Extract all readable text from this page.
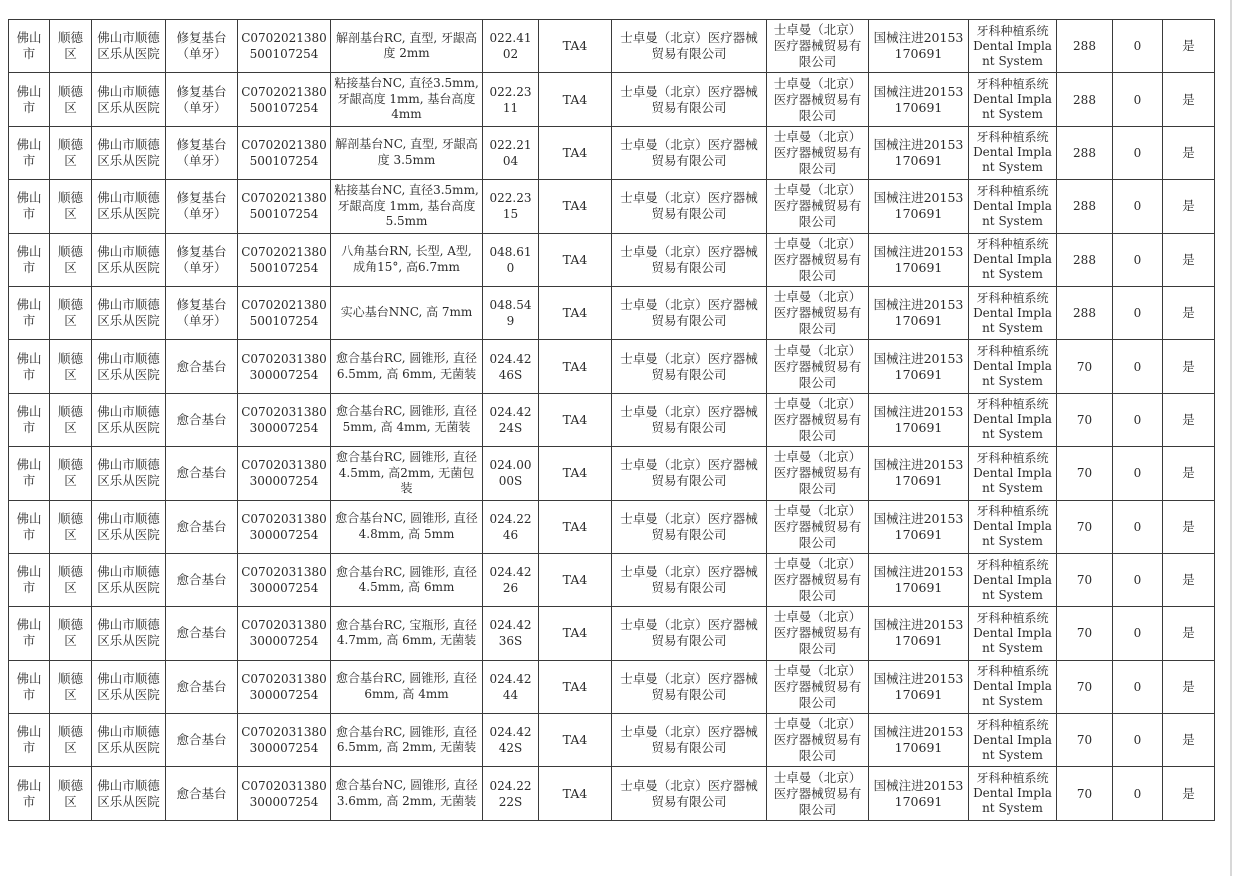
佛山市	顺德区	佛山市顺德区乐从医院	修复基台（单牙）	C0702021380500107254	解剖基台RC, 直型, 牙龈高度 2mm	022.4102	TA4	士卓曼（北京）医疗器械贸易有限公司	士卓曼（北京）医疗器械贸易有限公司	国械注进20153170691	牙科种植系统Dental Implant System	288	0	是
佛山市	顺德区	佛山市顺德区乐从医院	修复基台（单牙）	C0702021380500107254	粘接基台NC, 直径3.5mm, 牙龈高度 1mm, 基台高度 4mm	022.2311	TA4	士卓曼（北京）医疗器械贸易有限公司	士卓曼（北京）医疗器械贸易有限公司	国械注进20153170691	牙科种植系统Dental Implant System	288	0	是
佛山市	顺德区	佛山市顺德区乐从医院	修复基台（单牙）	C0702021380500107254	解剖基台NC, 直型, 牙龈高度 3.5mm	022.2104	TA4	士卓曼（北京）医疗器械贸易有限公司	士卓曼（北京）医疗器械贸易有限公司	国械注进20153170691	牙科种植系统Dental Implant System	288	0	是
佛山市	顺德区	佛山市顺德区乐从医院	修复基台（单牙）	C0702021380500107254	粘接基台NC, 直径3.5mm, 牙龈高度 1mm, 基台高度 5.5mm	022.2315	TA4	士卓曼（北京）医疗器械贸易有限公司	士卓曼（北京）医疗器械贸易有限公司	国械注进20153170691	牙科种植系统Dental Implant System	288	0	是
佛山市	顺德区	佛山市顺德区乐从医院	修复基台（单牙）	C0702021380500107254	八角基台RN, 长型, A型, 成角15°, 高6.7mm	048.610	TA4	士卓曼（北京）医疗器械贸易有限公司	士卓曼（北京）医疗器械贸易有限公司	国械注进20153170691	牙科种植系统Dental Implant System	288	0	是
佛山市	顺德区	佛山市顺德区乐从医院	修复基台（单牙）	C0702021380500107254	实心基台NNC, 高 7mm	048.549	TA4	士卓曼（北京）医疗器械贸易有限公司	士卓曼（北京）医疗器械贸易有限公司	国械注进20153170691	牙科种植系统Dental Implant System	288	0	是
佛山市	顺德区	佛山市顺德区乐从医院	愈合基台	C0702031380300007254	愈合基台RC, 圆锥形, 直径 6.5mm, 高 6mm, 无菌装	024.4246S	TA4	士卓曼（北京）医疗器械贸易有限公司	士卓曼（北京）医疗器械贸易有限公司	国械注进20153170691	牙科种植系统Dental Implant System	70	0	是
佛山市	顺德区	佛山市顺德区乐从医院	愈合基台	C0702031380300007254	愈合基台RC, 圆锥形, 直径 5mm, 高 4mm, 无菌装	024.4224S	TA4	士卓曼（北京）医疗器械贸易有限公司	士卓曼（北京）医疗器械贸易有限公司	国械注进20153170691	牙科种植系统Dental Implant System	70	0	是
佛山市	顺德区	佛山市顺德区乐从医院	愈合基台	C0702031380300007254	愈合基台RC, 圆锥形, 直径4.5mm, 高2mm, 无菌包装	024.0000S	TA4	士卓曼（北京）医疗器械贸易有限公司	士卓曼（北京）医疗器械贸易有限公司	国械注进20153170691	牙科种植系统Dental Implant System	70	0	是
佛山市	顺德区	佛山市顺德区乐从医院	愈合基台	C0702031380300007254	愈合基台NC, 圆锥形, 直径 4.8mm, 高 5mm	024.2246	TA4	士卓曼（北京）医疗器械贸易有限公司	士卓曼（北京）医疗器械贸易有限公司	国械注进20153170691	牙科种植系统Dental Implant System	70	0	是
佛山市	顺德区	佛山市顺德区乐从医院	愈合基台	C0702031380300007254	愈合基台RC, 圆锥形, 直径 4.5mm, 高 6mm	024.4226	TA4	士卓曼（北京）医疗器械贸易有限公司	士卓曼（北京）医疗器械贸易有限公司	国械注进20153170691	牙科种植系统Dental Implant System	70	0	是
佛山市	顺德区	佛山市顺德区乐从医院	愈合基台	C0702031380300007254	愈合基台RC, 宝瓶形, 直径 4.7mm, 高 6mm, 无菌装	024.4236S	TA4	士卓曼（北京）医疗器械贸易有限公司	士卓曼（北京）医疗器械贸易有限公司	国械注进20153170691	牙科种植系统Dental Implant System	70	0	是
佛山市	顺德区	佛山市顺德区乐从医院	愈合基台	C0702031380300007254	愈合基台RC, 圆锥形, 直径 6mm, 高 4mm	024.4244	TA4	士卓曼（北京）医疗器械贸易有限公司	士卓曼（北京）医疗器械贸易有限公司	国械注进20153170691	牙科种植系统Dental Implant System	70	0	是
佛山市	顺德区	佛山市顺德区乐从医院	愈合基台	C0702031380300007254	愈合基台RC, 圆锥形, 直径 6.5mm, 高 2mm, 无菌装	024.4242S	TA4	士卓曼（北京）医疗器械贸易有限公司	士卓曼（北京）医疗器械贸易有限公司	国械注进20153170691	牙科种植系统Dental Implant System	70	0	是
佛山市	顺德区	佛山市顺德区乐从医院	愈合基台	C0702031380300007254	愈合基台NC, 圆锥形, 直径 3.6mm, 高 2mm, 无菌装	024.2222S	TA4	士卓曼（北京）医疗器械贸易有限公司	士卓曼（北京）医疗器械贸易有限公司	国械注进20153170691	牙科种植系统Dental Implant System	70	0	是
